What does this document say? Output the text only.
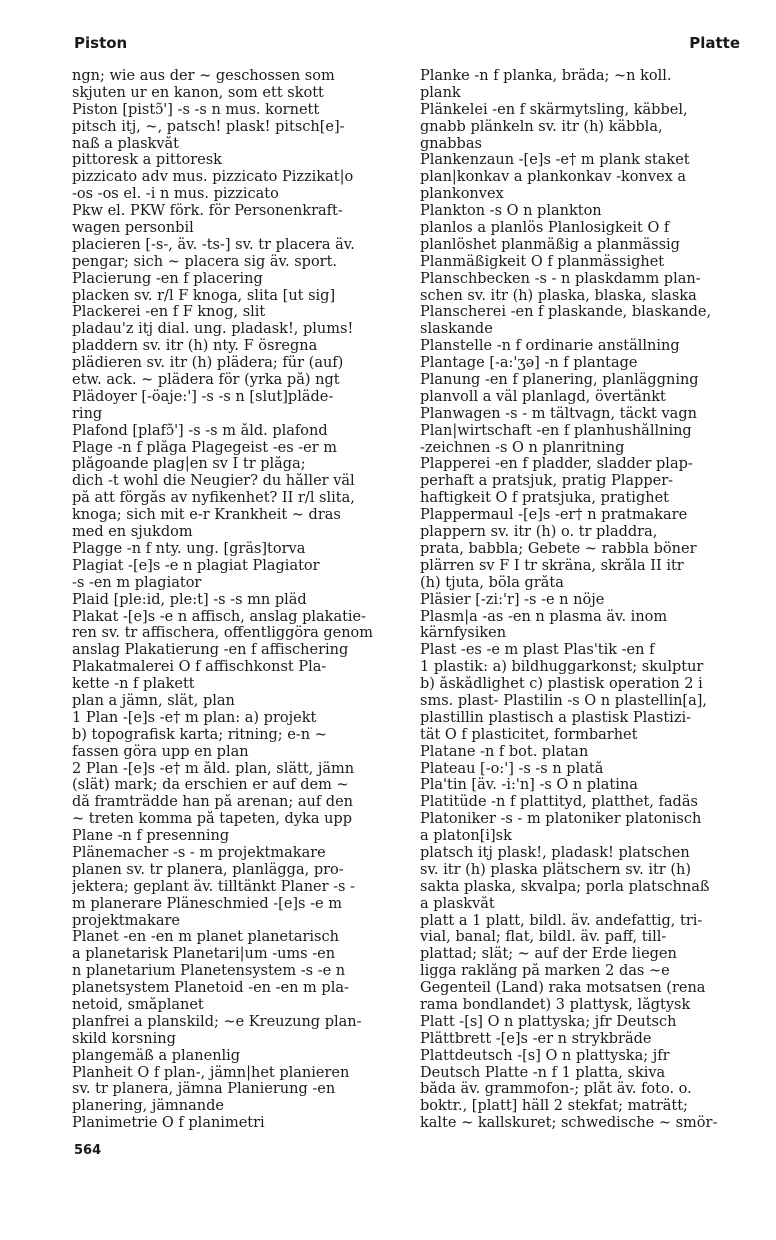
Piston	Platte
ngn; wie aus der ~ geschossen som
skjuten ur en kanon, som ett skott
Piston [pistɔ̃'] -s -s n mus. kornett
pitsch itj, ~, patsch! plask! pitsch[e]-
naß a plaskvåt
pittoresk a pittoresk
pizzicato adv mus. pizzicato Pizzikat|o
-os -os el. -i n mus. pizzicato
Pkw el. PKW förk. för Personenkraft-
wagen personbil
placieren [-s-, äv. -ts-] sv. tr placera äv.
pengar; sich ~ placera sig äv. sport.
Placierung -en f placering
placken sv. r/l F knoga, slita [ut sig]
Plackerei -en f F knog, slit
pladau'z itj dial. ung. pladask!, plums!
pladdern sv. itr (h) nty. F ösregna
plädieren sv. itr (h) plädera; für (auf)
etw. ack. ~ plädera för (yrka på) ngt
Plädoyer [-öaje:'] -s -s n [slut]pläde-
ring
Plafond [plafɔ̃'] -s -s m åld. plafond
Plage -n f plåga Plagegeist -es -er m
plågoande plag|en sv I tr plåga;
dich -t wohl die Neugier? du håller väl
på att förgås av nyfikenhet? II r/l slita,
knoga; sich mit e-r Krankheit ~ dras
med en sjukdom
Plagge -n f nty. ung. [gräs]torva
Plagiat -[e]s -e n plagiat Plagiator
-s -en m plagiator
Plaid [ple:id, ple:t] -s -s mn pläd
Plakat -[e]s -e n affisch, anslag plakatie-
ren sv. tr affischera, offentliggöra genom
anslag Plakatierung -en f affischering
Plakatmalerei O f affischkonst Pla-
kette -n f plakett
plan a jämn, slät, plan
1 Plan -[e]s -e† m plan: a) projekt
b) topografisk karta; ritning; e-n ~
fassen göra upp en plan
2 Plan -[e]s -e† m åld. plan, slätt, jämn
(slät) mark; da erschien er auf dem ~
då framträdde han på arenan; auf den
~ treten komma på tapeten, dyka upp
Plane -n f presenning
Plänemacher -s - m projektmakare
planen sv. tr planera, planlägga, pro-
jektera; geplant äv. tilltänkt Planer -s -
m planerare Pläneschmied -[e]s -e m
projektmakare
Planet -en -en m planet planetarisch
a planetarisk Planetari|um -ums -en
n planetarium Planetensystem -s -e n
planetsystem Planetoid -en -en m pla-
netoid, småplanet
planfrei a planskild; ~e Kreuzung plan-
skild korsning
plangemäß a planenlig
Planheit O f plan-, jämn|het planieren
sv. tr planera, jämna Planierung -en
planering, jämnande
Planimetrie O f planimetri
Planke -n f planka, bräda; ~n koll.
plank
Plänkelei -en f skärmytsling, käbbel,
gnabb plänkeln sv. itr (h) käbbla,
gnabbas
Plankenzaun -[e]s -e† m plank staket
plan|konkav a plankonkav -konvex a
plankonvex
Plankton -s O n plankton
planlos a planlös Planlosigkeit O f
planlöshet planmäßig a planmässig
Planmäßigkeit O f planmässighet
Planschbecken -s - n plaskdamm plan-
schen sv. itr (h) plaska, blaska, slaska
Planscherei -en f plaskande, blaskande,
slaskande
Planstelle -n f ordinarie anställning
Plantage [-a:'ʒə] -n f plantage
Planung -en f planering, planläggning
planvoll a väl planlagd, övertänkt
Planwagen -s - m tältvagn, täckt vagn
Plan|wirtschaft -en f planhushållning
-zeichnen -s O n planritning
Plapperei -en f pladder, sladder plap-
perhaft a pratsjuk, pratig Plapper-
haftigkeit O f pratsjuka, pratighet
Plappermaul -[e]s -er† n pratmakare
plappern sv. itr (h) o. tr pladdra,
prata, babbla; Gebete ~ rabbla böner
plärren sv F I tr skräna, skråla II itr
(h) tjuta, böla gråta
Pläsier [-zi:'r] -s -e n nöje
Plasm|a -as -en n plasma äv. inom
kärnfysiken
Plast -es -e m plast Plas'tik -en f
1 plastik: a) bildhuggarkonst; skulptur
b) åskådlighet c) plastisk operation 2 i
sms. plast- Plastilin -s O n plastellin[a],
plastillin plastisch a plastisk Plastizi-
tät O f plasticitet, formbarhet
Platane -n f bot. platan
Plateau [-o:'] -s -s n platå
Pla'tin [äv. -i:'n] -s O n platina
Platitüde -n f plattityd, platthet, fadäs
Platoniker -s - m platoniker platonisch
a platon[i]sk
platsch itj plask!, pladask! platschen
sv. itr (h) plaska plätschern sv. itr (h)
sakta plaska, skvalpa; porla platschnaß
a plaskvåt
platt a 1 platt, bildl. äv. andefattig, tri-
vial, banal; flat, bildl. äv. paff, till-
plattad; slät; ~ auf der Erde liegen
ligga raklång på marken 2 das ~e
Gegenteil (Land) raka motsatsen (rena
rama bondlandet) 3 plattysk, lågtysk
Platt -[s] O n plattyska; jfr Deutsch
Plättbrett -[e]s -er n strykbräde
Plattdeutsch -[s] O n plattyska; jfr
Deutsch Platte -n f 1 platta, skiva
båda äv. grammofon-; plåt äv. foto. o.
boktr., [platt] häll 2 stekfat; maträtt;
kalte ~ kallskuret; schwedische ~ smör-
564
